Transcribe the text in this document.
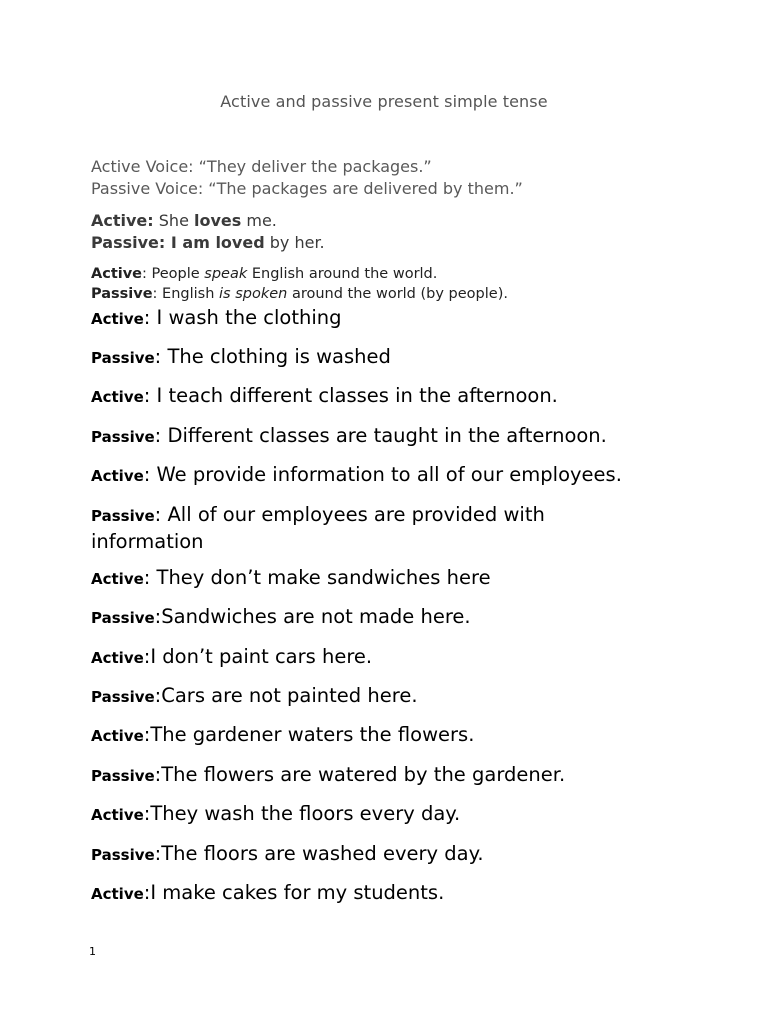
Active and passive present simple tense
Active Voice: “They deliver the packages.”
Passive Voice: “The packages are delivered by them.”
Active: She loves me.
Passive: I am loved by her.
Active: People speak English around the world.
Passive: English is spoken around the world (by people).
Active: I wash the clothing
Passive: The clothing is washed
Active: I teach different classes in the afternoon.
Passive: Different classes are taught in the afternoon.
Active: We provide information to all of our employees.
Passive: All of our employees are provided with information
Active: They don’t make sandwiches here
Passive:Sandwiches are not made here.
Active:I don’t paint cars here.
Passive:Cars are not painted here.
Active:The gardener waters the flowers.
Passive:The flowers are watered by the gardener.
Active:They wash the floors every day.
Passive:The floors are washed every day.
Active:I make cakes for my students.
1
